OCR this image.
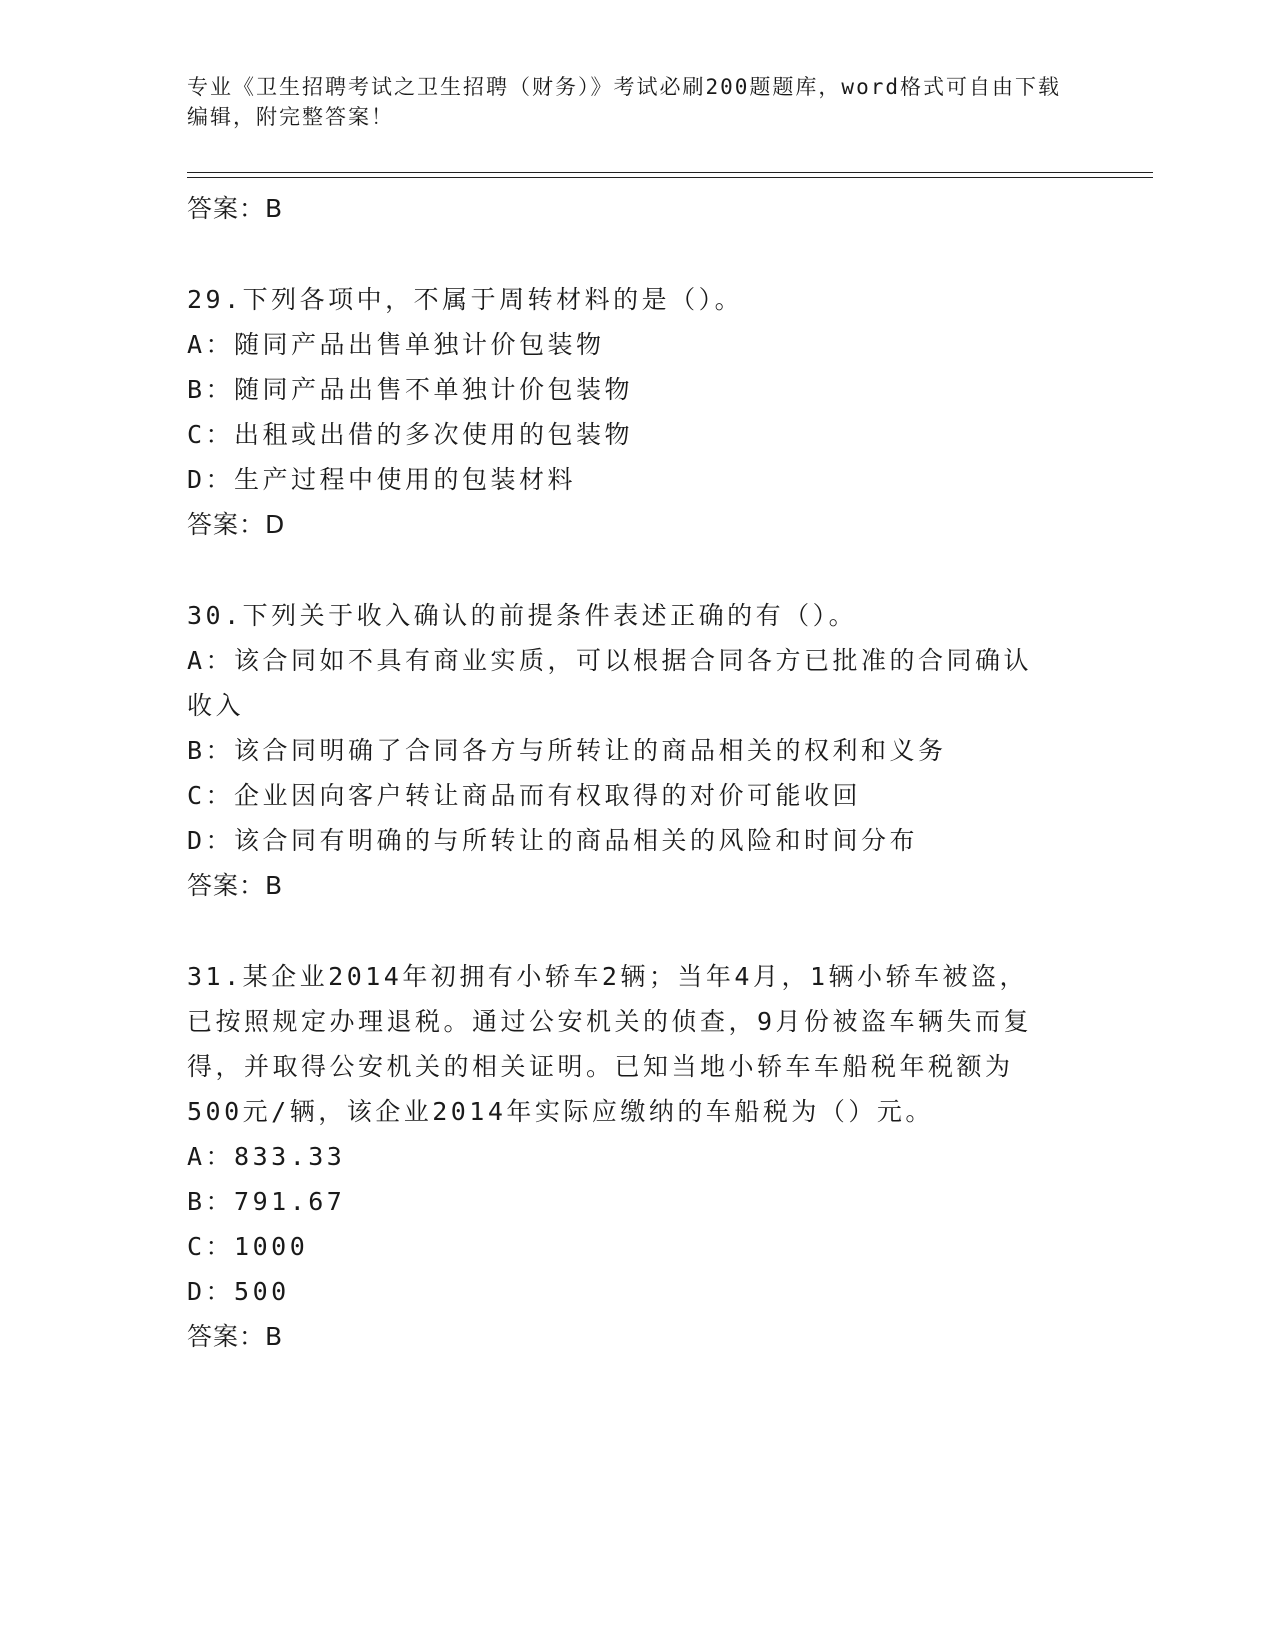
专业《卫生招聘考试之卫生招聘（财务）》考试必刷200题题库，word格式可自由下载编辑，附完整答案！

答案：B

29.下列各项中，不属于周转材料的是（）。

A：随同产品出售单独计价包装物

B：随同产品出售不单独计价包装物

C：出租或出借的多次使用的包装物

D：生产过程中使用的包装材料

答案：D

30.下列关于收入确认的前提条件表述正确的有（）。

A：该合同如不具有商业实质，可以根据合同各方已批准的合同确认收入

B：该合同明确了合同各方与所转让的商品相关的权利和义务

C：企业因向客户转让商品而有权取得的对价可能收回

D：该合同有明确的与所转让的商品相关的风险和时间分布

答案：B

31.某企业2014年初拥有小轿车2辆；当年4月，1辆小轿车被盗，已按照规定办理退税。通过公安机关的侦查，9月份被盗车辆失而复得，并取得公安机关的相关证明。已知当地小轿车车船税年税额为500元/辆，该企业2014年实际应缴纳的车船税为（）元。

A：833.33

B：791.67

C：1000

D：500

答案：B
